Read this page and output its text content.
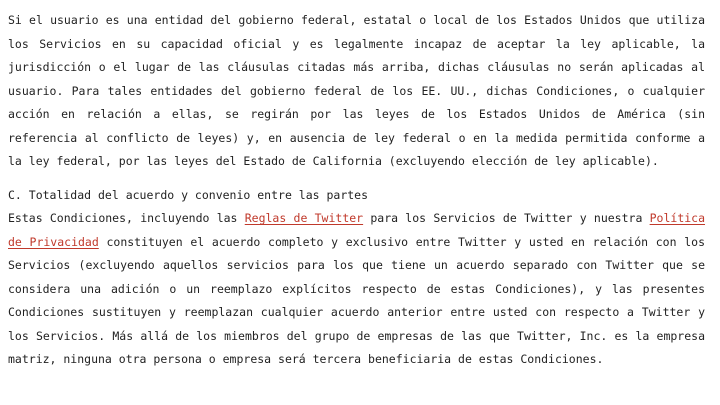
Si el usuario es una entidad del gobierno federal, estatal o local de los Estados Unidos que utiliza los Servicios en su capacidad oficial y es legalmente incapaz de aceptar la ley aplicable, la jurisdicción o el lugar de las cláusulas citadas más arriba, dichas cláusulas no serán aplicadas al usuario. Para tales entidades del gobierno federal de los EE. UU., dichas Condiciones, o cualquier acción en relación a ellas, se regirán por las leyes de los Estados Unidos de América (sin referencia al conflicto de leyes) y, en ausencia de ley federal o en la medida permitida conforme a la ley federal, por las leyes del Estado de California (excluyendo elección de ley aplicable).

C. Totalidad del acuerdo y convenio entre las partes

Estas Condiciones, incluyendo las Reglas de Twitter para los Servicios de Twitter y nuestra Política de Privacidad constituyen el acuerdo completo y exclusivo entre Twitter y usted en relación con los Servicios (excluyendo aquellos servicios para los que tiene un acuerdo separado con Twitter que se considera una adición o un reemplazo explícitos respecto de estas Condiciones), y las presentes Condiciones sustituyen y reemplazan cualquier acuerdo anterior entre usted con respecto a Twitter y los Servicios. Más allá de los miembros del grupo de empresas de las que Twitter, Inc. es la empresa matriz, ninguna otra persona o empresa será tercera beneficiaria de estas Condiciones.
